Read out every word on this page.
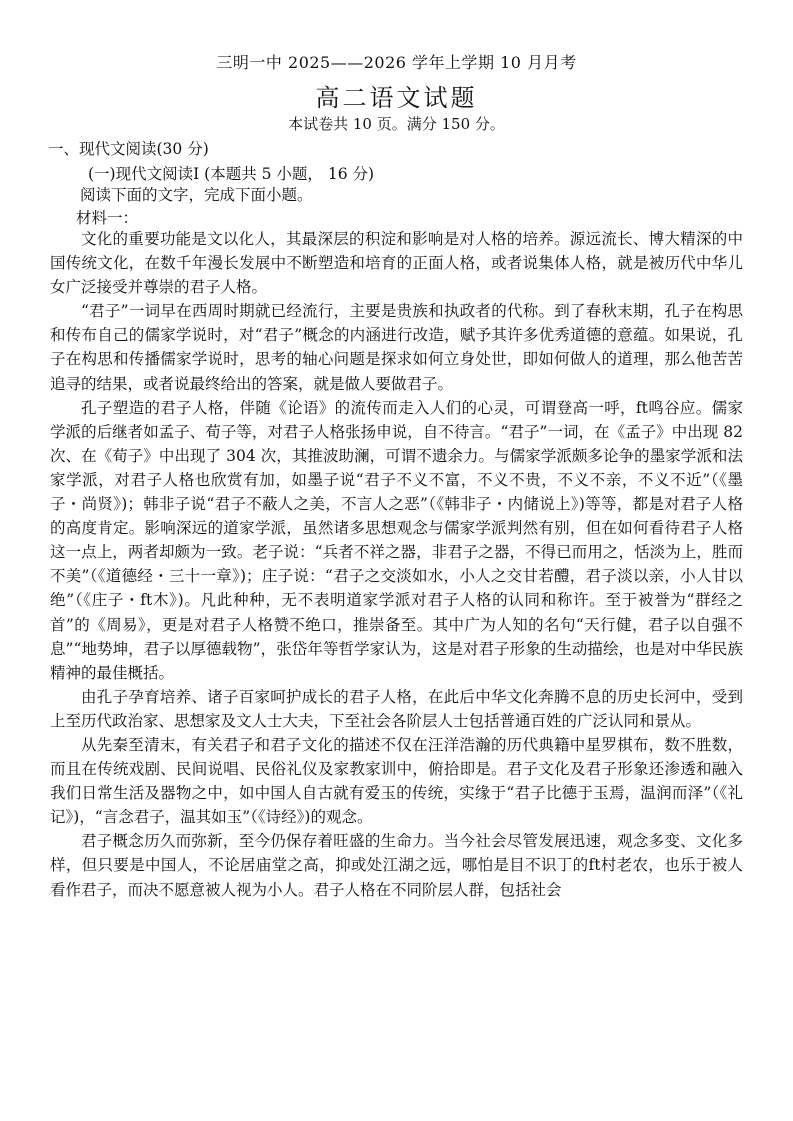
三明一中 2025——2026 学年上学期 10 月月考
高二语文试题
本试卷共 10 页。满分 150 分。
一、现代文阅读(30 分)
(一)现代文阅读Ⅰ (本题共 5 小题， 16 分)
阅读下面的文字，完成下面小题。
材料一：

文化的重要功能是文以化人，其最深层的积淀和影响是对人格的培养。源远流长、博大精深的中国传统文化，在数千年漫长发展中不断塑造和培育的正面人格，或者说集体人格，就是被历代中华儿女广泛接受并尊崇的君子人格。

“君子”一词早在西周时期就已经流行，主要是贵族和执政者的代称。到了春秋末期，孔子在构思和传布自己的儒家学说时，对“君子”概念的内涵进行改造，赋予其许多优秀道德的意蕴。如果说，孔子在构思和传播儒家学说时，思考的轴心问题是探求如何立身处世，即如何做人的道理，那么他苦苦追寻的结果，或者说最终给出的答案，就是做人要做君子。

孔子塑造的君子人格，伴随《论语》的流传而走入人们的心灵，可谓登高一呼，ft鸣谷应。儒家学派的后继者如孟子、荀子等，对君子人格张扬申说，自不待言。“君子”一词，在《孟子》中出现 82 次、在《荀子》中出现了 304 次，其推波助澜，可谓不遗余力。与儒家学派颇多论争的墨家学派和法家学派，对君子人格也欣赏有加，如墨子说“君子不义不富，不义不贵，不义不亲，不义不近”（《墨子・尚贤》)；韩非子说“君子不蔽人之美，不言人之恶”（《韩非子・内储说上》)等等，都是对君子人格的高度肯定。影响深远的道家学派，虽然诸多思想观念与儒家学派判然有别，但在如何看待君子人格这一点上，两者却颇为一致。老子说：“兵者不祥之器，非君子之器，不得已而用之，恬淡为上，胜而不美”（《道德经・三十一章》)；庄子说：“君子之交淡如水，小人之交甘若醴，君子淡以亲，小人甘以绝”（《庄子・ft木》)。凡此种种，无不表明道家学派对君子人格的认同和称许。至于被誉为“群经之首”的《周易》，更是对君子人格赞不绝口，推崇备至。其中广为人知的名句“天行健，君子以自强不息”“地势坤，君子以厚德载物”，张岱年等哲学家认为，这是对君子形象的生动描绘，也是对中华民族精神的最佳概括。

由孔子孕育培养、诸子百家呵护成长的君子人格，在此后中华文化奔腾不息的历史长河中，受到上至历代政治家、思想家及文人士大夫，下至社会各阶层人士包括普通百姓的广泛认同和景从。

从先秦至清末，有关君子和君子文化的描述不仅在汪洋浩瀚的历代典籍中星罗棋布，数不胜数，而且在传统戏剧、民间说唱、民俗礼仪及家教家训中，俯拾即是。君子文化及君子形象还渗透和融入我们日常生活及器物之中，如中国人自古就有爱玉的传统，实缘于“君子比德于玉焉，温润而泽”（《礼记》)，“言念君子，温其如玉”（《诗经》)的观念。

君子概念历久而弥新，至今仍保存着旺盛的生命力。当今社会尽管发展迅速，观念多变、文化多样，但只要是中国人，不论居庙堂之高，抑或处江湖之远，哪怕是目不识丁的ft村老农，也乐于被人看作君子，而决不愿意被人视为小人。君子人格在不同阶层人群，包括社会
